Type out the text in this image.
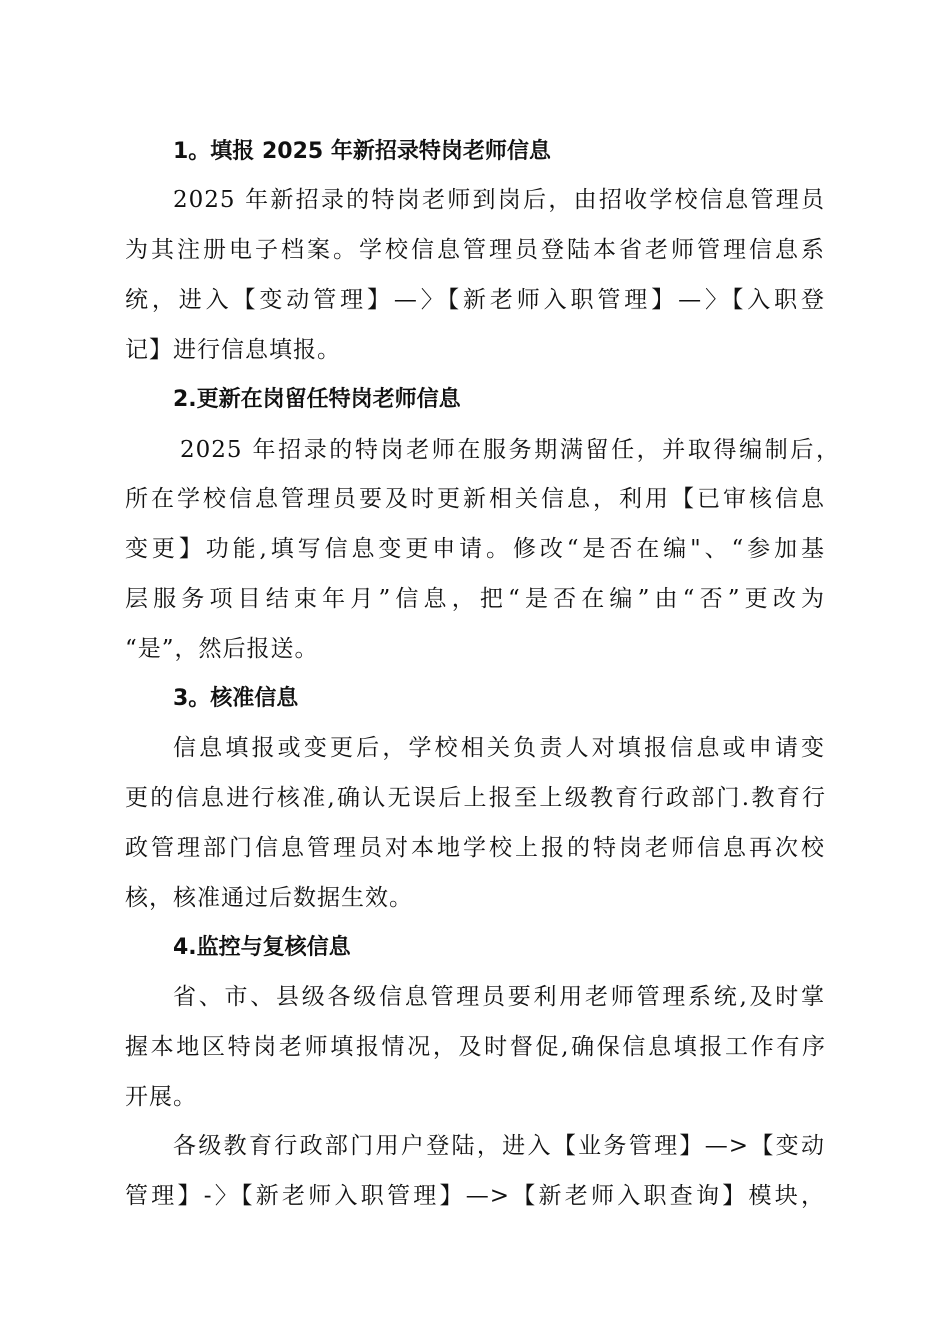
1。填报 2025 年新招录特岗老师信息
2025 年新招录的特岗老师到岗后，由招收学校信息管理员
为其注册电子档案。学校信息管理员登陆本省老师管理信息系
统，进入【变动管理】—〉【新老师入职管理】—〉【入职登
记】进行信息填报。
2.更新在岗留任特岗老师信息
2025 年招录的特岗老师在服务期满留任，并取得编制后，
所在学校信息管理员要及时更新相关信息，利用【已审核信息
变更】功能,填写信息变更申请。修改“是否在编"、“参加基
层服务项目结束年月”信息，把“是否在编”由“否”更改为
“是”，然后报送。
3。核准信息
信息填报或变更后，学校相关负责人对填报信息或申请变
更的信息进行核准,确认无误后上报至上级教育行政部门.教育行
政管理部门信息管理员对本地学校上报的特岗老师信息再次校
核，核准通过后数据生效。
4.监控与复核信息
省、市、县级各级信息管理员要利用老师管理系统,及时掌
握本地区特岗老师填报情况，及时督促,确保信息填报工作有序
开展。
各级教育行政部门用户登陆，进入【业务管理】—>【变动
管理】-〉【新老师入职管理】—>【新老师入职查询】模块，
